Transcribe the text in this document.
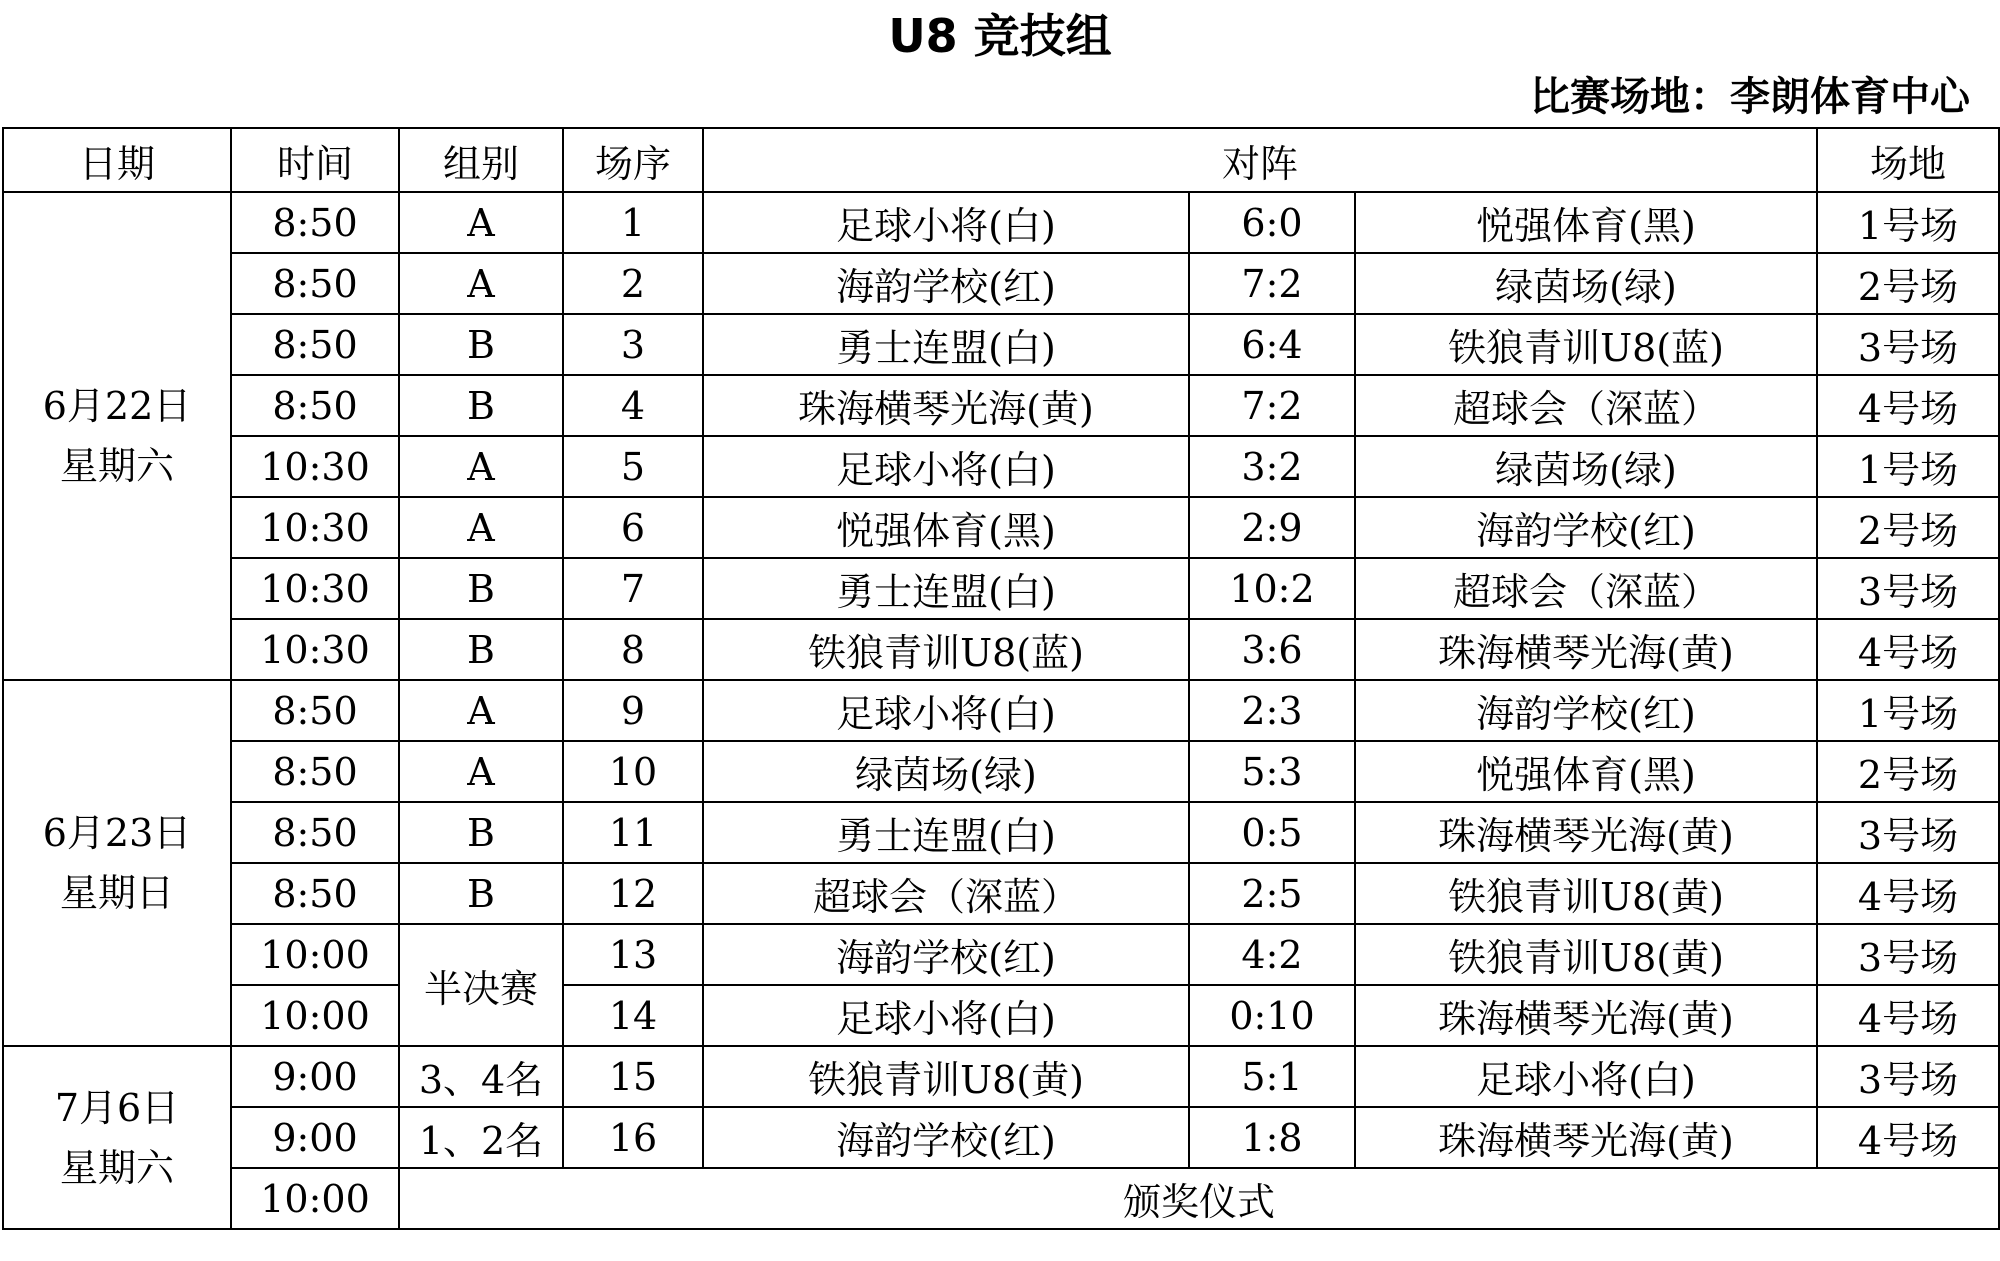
U8 竞技组
比赛场地：李朗体育中心
日期	时间	组别	场序	对阵			场地

6月22日
星期六	8:50	A	1	足球小将(白)	6:0	悦强体育(黑)	1号场
	8:50	A	2	海韵学校(红)	7:2	绿茵场(绿)	2号场
	8:50	B	3	勇士连盟(白)	6:4	铁狼青训U8(蓝)	3号场
	8:50	B	4	珠海横琴光海(黄)	7:2	超球会（深蓝）	4号场
	10:30	A	5	足球小将(白)	3:2	绿茵场(绿)	1号场
	10:30	A	6	悦强体育(黑)	2:9	海韵学校(红)	2号场
	10:30	B	7	勇士连盟(白)	10:2	超球会（深蓝）	3号场
	10:30	B	8	铁狼青训U8(蓝)	3:6	珠海横琴光海(黄)	4号场

6月23日
星期日	8:50	A	9	足球小将(白)	2:3	海韵学校(红)	1号场
	8:50	A	10	绿茵场(绿)	5:3	悦强体育(黑)	2号场
	8:50	B	11	勇士连盟(白)	0:5	珠海横琴光海(黄)	3号场
	8:50	B	12	超球会（深蓝）	2:5	铁狼青训U8(黄)	4号场
	10:00	半决赛	13	海韵学校(红)	4:2	铁狼青训U8(黄)	3号场
	10:00		14	足球小将(白)	0:10	珠海横琴光海(黄)	4号场

7月6日
星期六	9:00	3、4名	15	铁狼青训U8(黄)	5:1	足球小将(白)	3号场
	9:00	1、2名	16	海韵学校(红)	1:8	珠海横琴光海(黄)	4号场
	10:00	颁奖仪式					
